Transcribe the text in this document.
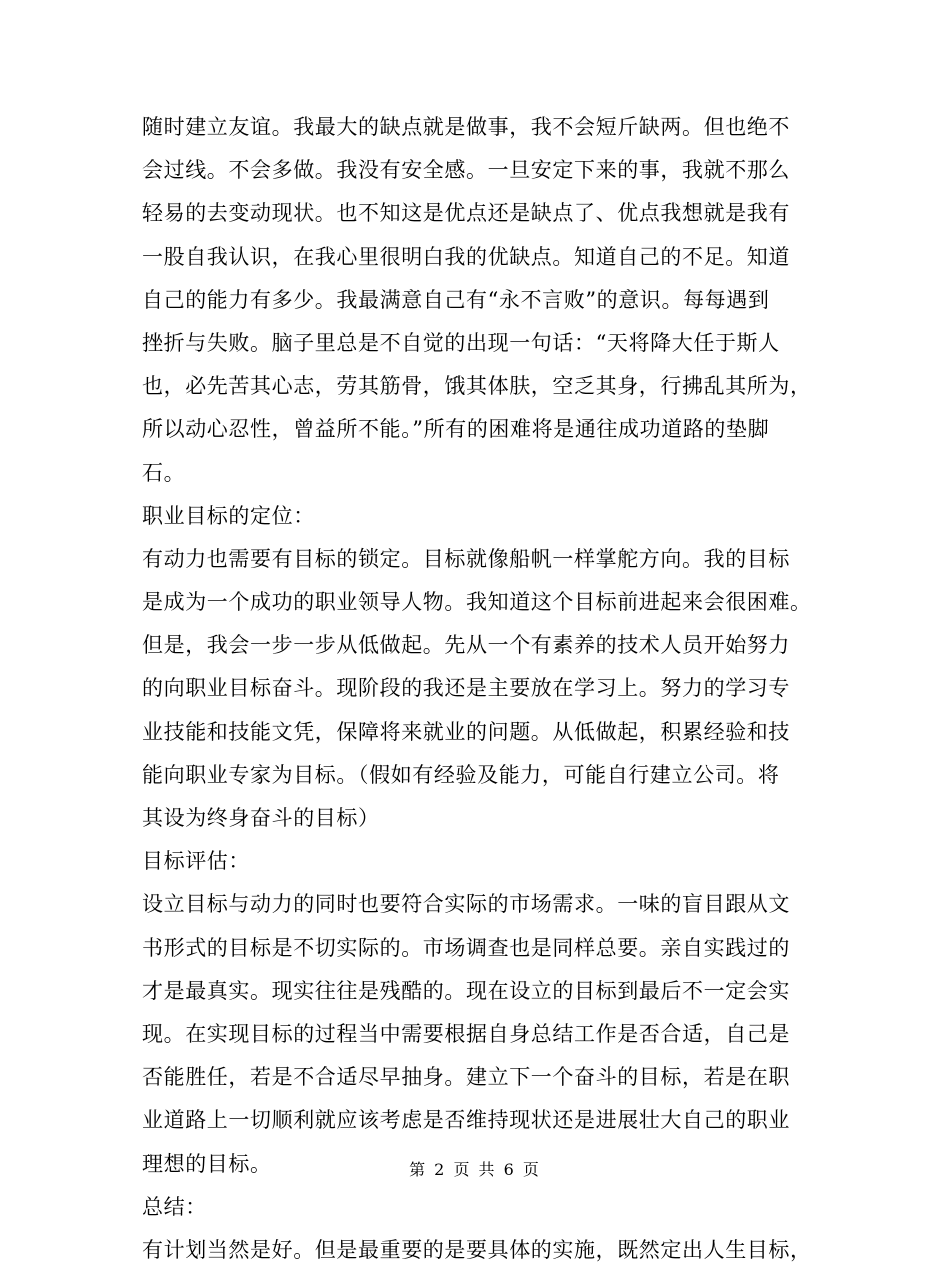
随时建立友谊。我最大的缺点就是做事，我不会短斤缺两。但也绝不
会过线。不会多做。我没有安全感。一旦安定下来的事，我就不那么
轻易的去变动现状。也不知这是优点还是缺点了、优点我想就是我有
一股自我认识，在我心里很明白我的优缺点。知道自己的不足。知道
自己的能力有多少。我最满意自己有“永不言败”的意识。每每遇到
挫折与失败。脑子里总是不自觉的出现一句话：“天将降大任于斯人
也，必先苦其心志，劳其筋骨，饿其体肤，空乏其身，行拂乱其所为，
所以动心忍性，曾益所不能。”所有的困难将是通往成功道路的垫脚
石。
职业目标的定位：
有动力也需要有目标的锁定。目标就像船帆一样掌舵方向。我的目标
是成为一个成功的职业领导人物。我知道这个目标前进起来会很困难。
但是，我会一步一步从低做起。先从一个有素养的技术人员开始努力
的向职业目标奋斗。现阶段的我还是主要放在学习上。努力的学习专
业技能和技能文凭，保障将来就业的问题。从低做起，积累经验和技
能向职业专家为目标。（假如有经验及能力，可能自行建立公司。将
其设为终身奋斗的目标）
目标评估：
设立目标与动力的同时也要符合实际的市场需求。一味的盲目跟从文
书形式的目标是不切实际的。市场调查也是同样总要。亲自实践过的
才是最真实。现实往往是残酷的。现在设立的目标到最后不一定会实
现。在实现目标的过程当中需要根据自身总结工作是否合适，自己是
否能胜任，若是不合适尽早抽身。建立下一个奋斗的目标，若是在职
业道路上一切顺利就应该考虑是否维持现状还是进展壮大自己的职业
理想的目标。
总结：
有计划当然是好。但是最重要的是要具体的实施，既然定出人生目标，
第 2 页 共 6 页
